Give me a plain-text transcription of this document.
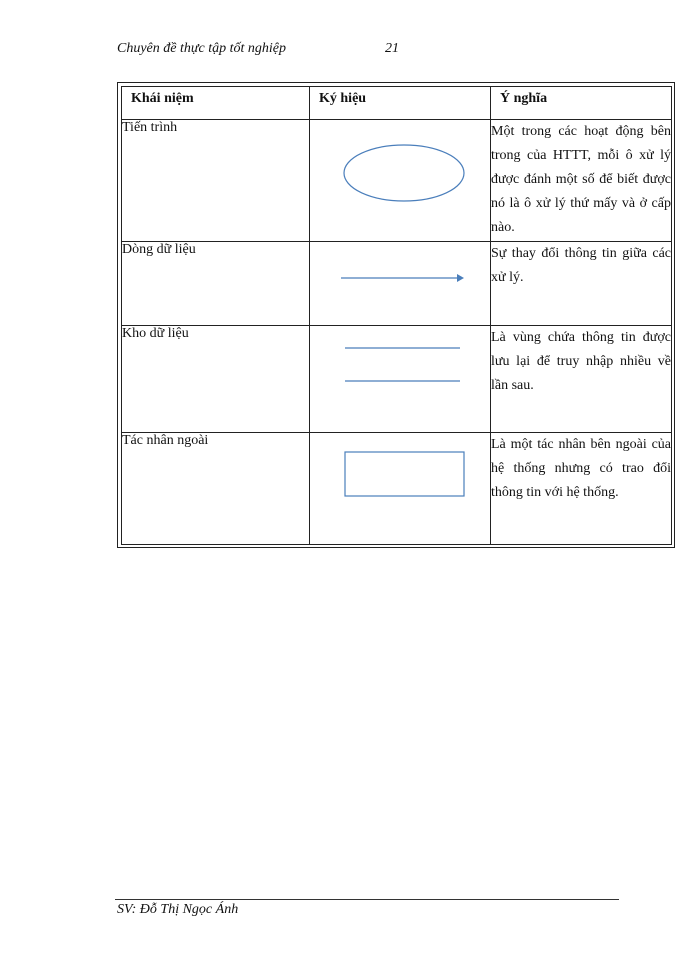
Chuyên đề thực tập tốt nghiệp	21
Khái niệm	Ký hiệu	Ý nghĩa
Tiến trình		Một trong các hoạt động bên trong của HTTT, mỗi ô xử lý được đánh một số để biết được nó là ô xử lý thứ mấy và ở cấp nào.
Dòng dữ liệu		Sự thay đổi thông tin giữa các xử lý.
Kho dữ liệu		Là vùng chứa thông tin được lưu lại để truy nhập nhiều về lần sau.
Tác nhân ngoài		Là một tác nhân bên ngoài của hệ thống nhưng có trao đổi thông tin với hệ thống.
SV: Đỗ Thị Ngọc Ánh
